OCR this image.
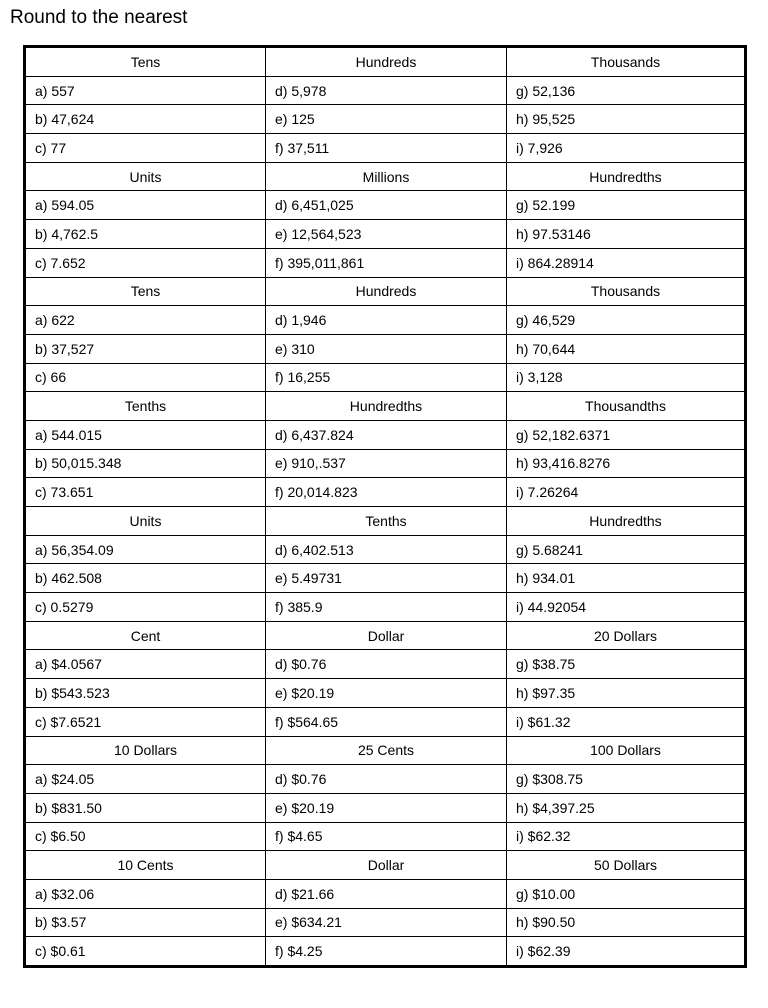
Round to the nearest
Tens	Hundreds	Thousands
a) 557	d) 5,978	g) 52,136
b) 47,624	e) 125	h) 95,525
c) 77	f) 37,511	i) 7,926
Units	Millions	Hundredths
a) 594.05	d) 6,451,025	g) 52.199
b) 4,762.5	e) 12,564,523	h) 97.53146
c) 7.652	f) 395,011,861	i) 864.28914
Tens	Hundreds	Thousands
a) 622	d) 1,946	g) 46,529
b) 37,527	e) 310	h) 70,644
c) 66	f) 16,255	i) 3,128
Tenths	Hundredths	Thousandths
a) 544.015	d) 6,437.824	g) 52,182.6371
b) 50,015.348	e) 910,.537	h) 93,416.8276
c) 73.651	f) 20,014.823	i) 7.26264
Units	Tenths	Hundredths
a) 56,354.09	d) 6,402.513	g) 5.68241
b) 462.508	e) 5.49731	h) 934.01
c) 0.5279	f) 385.9	i) 44.92054
Cent	Dollar	20 Dollars
a) $4.0567	d) $0.76	g) $38.75
b) $543.523	e) $20.19	h) $97.35
c) $7.6521	f) $564.65	i) $61.32
10 Dollars	25 Cents	100 Dollars
a) $24.05	d) $0.76	g) $308.75
b) $831.50	e) $20.19	h) $4,397.25
c) $6.50	f) $4.65	i) $62.32
10 Cents	Dollar	50 Dollars
a) $32.06	d) $21.66	g) $10.00
b) $3.57	e) $634.21	h) $90.50
c) $0.61	f) $4.25	i) $62.39
